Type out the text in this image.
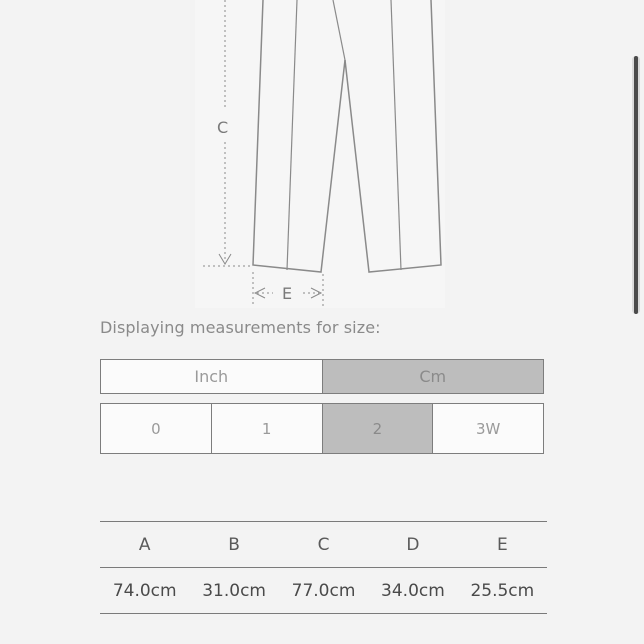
C
E
Displaying measurements for size:
Inch	Cm
0	1	2	3W
A	B	C	D	E
74.0cm	31.0cm	77.0cm	34.0cm	25.5cm
